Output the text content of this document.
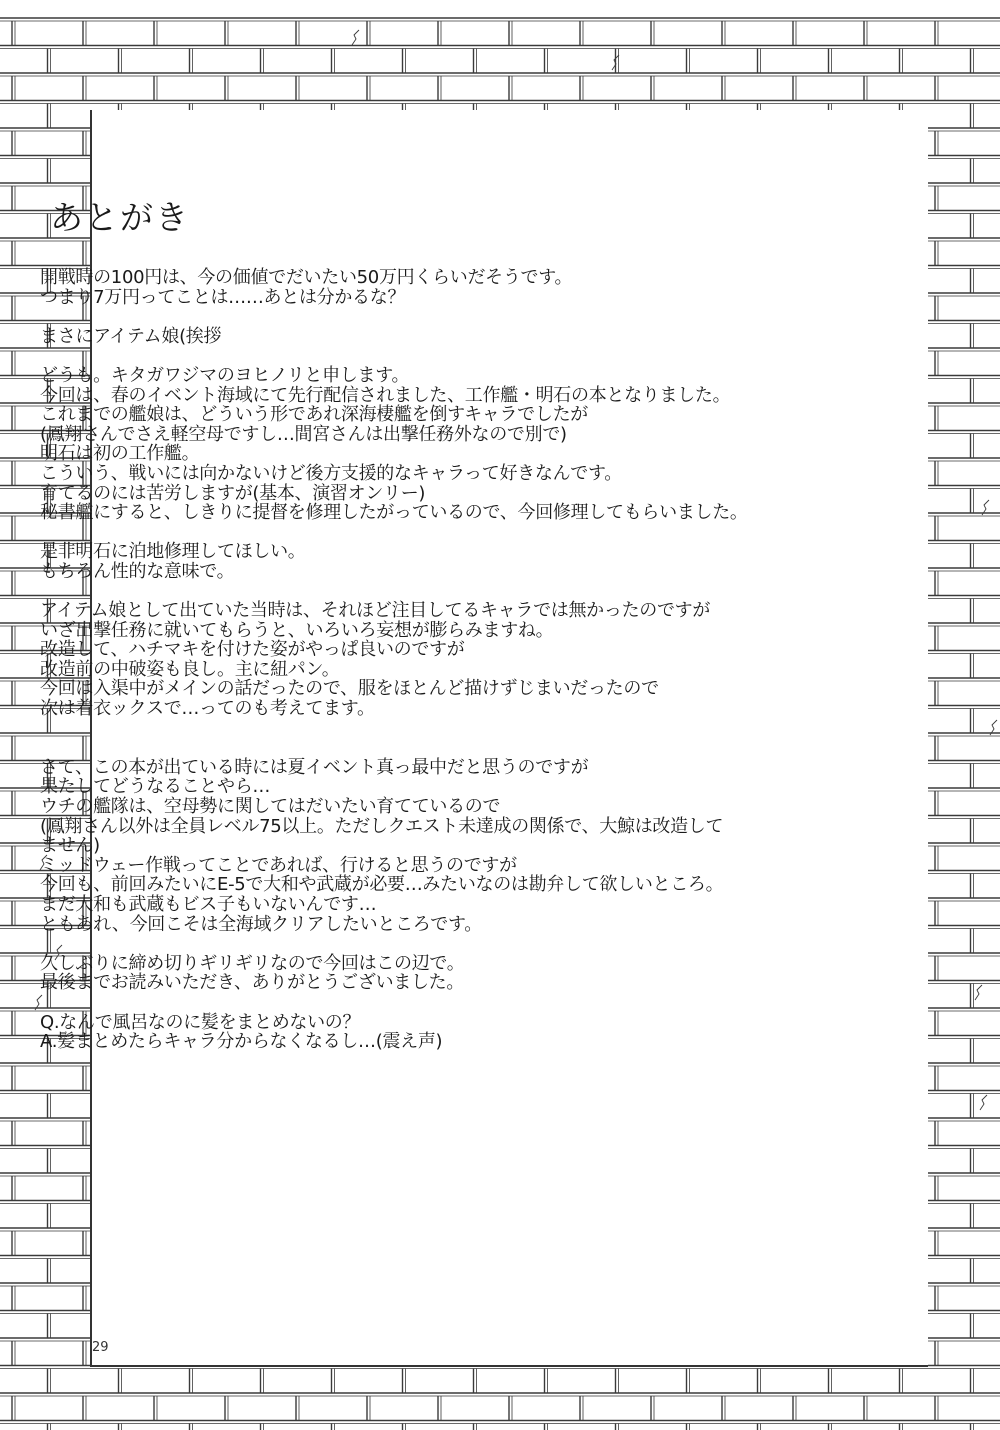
あとがき
開戦時の100円は、今の価値でだいたい50万円くらいだそうです。
つまり7万円ってことは……あとは分かるな？
まさにアイテム娘(挨拶
どうも。キタガワジマのヨヒノリと申します。
今回は、春のイベント海域にて先行配信されました、工作艦・明石の本となりました。
これまでの艦娘は、どういう形であれ深海棲艦を倒すキャラでしたが
(鳳翔さんでさえ軽空母ですし…間宮さんは出撃任務外なので別で)
明石は初の工作艦。
こういう、戦いには向かないけど後方支援的なキャラって好きなんです。
育てるのには苦労しますが(基本、演習オンリー)
秘書艦にすると、しきりに提督を修理したがっているので、今回修理してもらいました。
是非明石に泊地修理してほしい。
もちろん性的な意味で。
アイテム娘として出ていた当時は、それほど注目してるキャラでは無かったのですが
いざ出撃任務に就いてもらうと、いろいろ妄想が膨らみますね。
改造して、ハチマキを付けた姿がやっぱ良いのですが
改造前の中破姿も良し。主に紐パン。
今回は入渠中がメインの話だったので、服をほとんど描けずじまいだったので
次は着衣ックスで…ってのも考えてます。
さて、この本が出ている時には夏イベント真っ最中だと思うのですが
果たしてどうなることやら…
ウチの艦隊は、空母勢に関してはだいたい育てているので
(鳳翔さん以外は全員レベル75以上。ただしクエスト未達成の関係で、大鯨は改造して
ません)
ミッドウェー作戦ってことであれば、行けると思うのですが
今回も、前回みたいにE-5で大和や武蔵が必要…みたいなのは勘弁して欲しいところ。
まだ大和も武蔵もビス子もいないんです…
ともあれ、今回こそは全海域クリアしたいところです。
久しぶりに締め切りギリギリなので今回はこの辺で。
最後までお読みいただき、ありがとうございました。
Q.なんで風呂なのに髪をまとめないの？
A.髪まとめたらキャラ分からなくなるし…(震え声)
29
